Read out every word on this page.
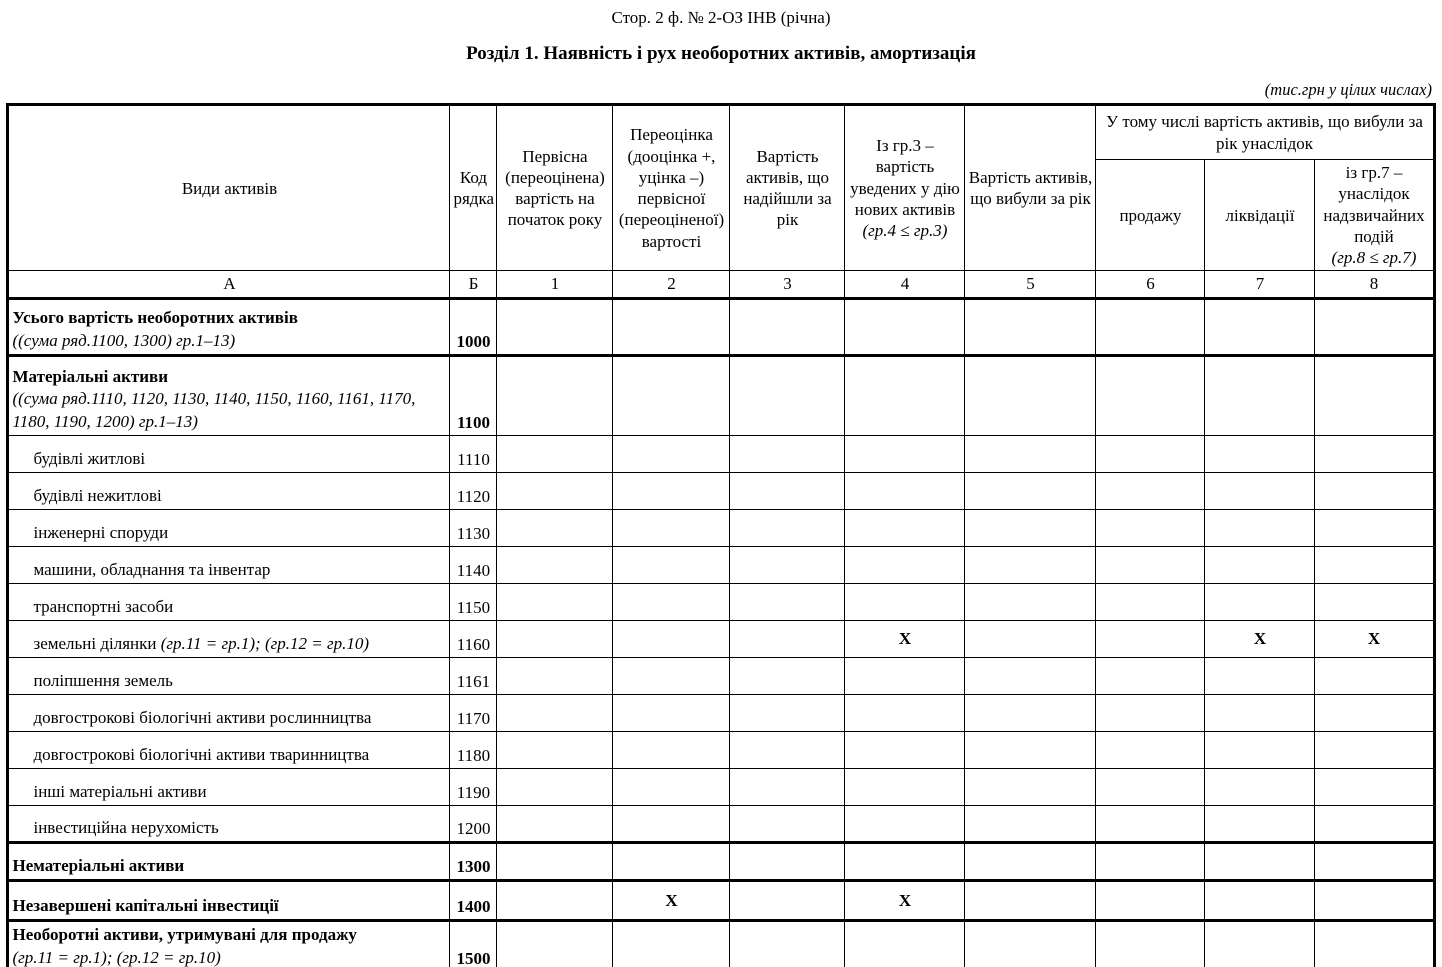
Стор. 2 ф. № 2-ОЗ ІНВ (річна)
Розділ 1. Наявність і рух необоротних активів, амортизація
(тис.грн у цілих числах)
Види активів	Код рядка	Первісна (переоцінена) вартість на початок року	Переоцінка (дооцінка +, уцінка –) первісної (переоціненої) вартості	Вартість активів, що надійшли за рік	Із гр.3 – вартість уведених у дію нових активів
(гр.4 ≤ гр.3)	Вартість активів, що вибули за рік	У тому числі вартість активів, що вибули за рік унаслідок		
							продажу	ліквідації	із гр.7 – унаслідок надзвичайних подій
(гр.8 ≤ гр.7)

А	Б	1	2	3	4	5	6	7	8

Усього вартість необоротних активів
((сума ряд.1100, 1300) гр.1–13)	1000								

Матеріальні активи
((сума ряд.1110, 1120, 1130, 1140, 1150, 1160, 1161, 1170, 1180, 1190, 1200) гр.1–13)	1100								

будівлі житлові	1110								

будівлі нежитлові	1120								

інженерні споруди	1130								

машини, обладнання та інвентар	1140								

транспортні засоби	1150								

земельні ділянки (гр.11 = гр.1); (гр.12 = гр.10)	1160				X			X	X

поліпшення земель	1161								

довгострокові біологічні активи рослинництва	1170								

довгострокові біологічні активи тваринництва	1180								

інші матеріальні активи	1190								

інвестиційна нерухомість	1200								

Нематеріальні активи	1300								

Незавершені капітальні інвестиції	1400		X		X				

Необоротні активи, утримувані для продажу
(гр.11 = гр.1); (гр.12 = гр.10)	1500								
